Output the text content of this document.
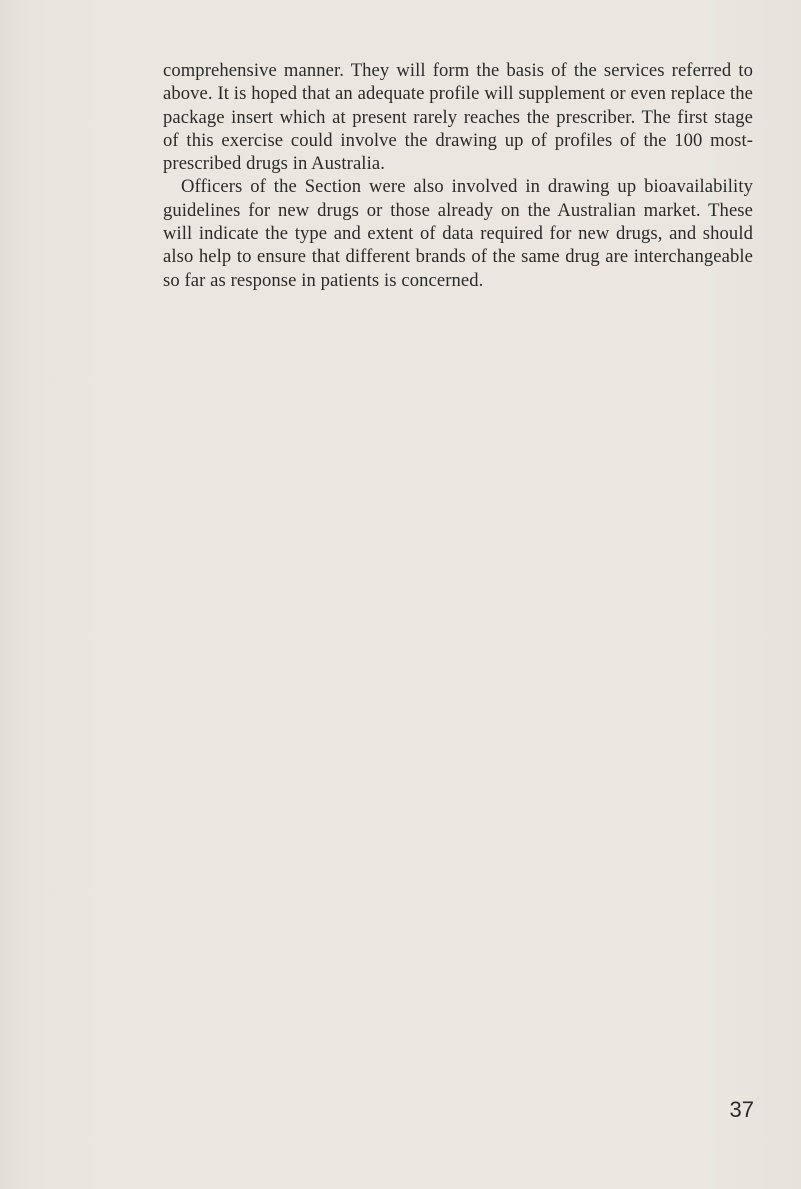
comprehensive manner. They will form the basis of the services referred to above. It is hoped that an adequate profile will supplement or even replace the package insert which at present rarely reaches the prescriber. The first stage of this exercise could involve the drawing up of profiles of the 100 most-prescribed drugs in Australia.

Officers of the Section were also involved in drawing up bioavailability guidelines for new drugs or those already on the Australian market. These will indicate the type and extent of data required for new drugs, and should also help to ensure that different brands of the same drug are interchangeable so far as response in patients is concerned.

37
